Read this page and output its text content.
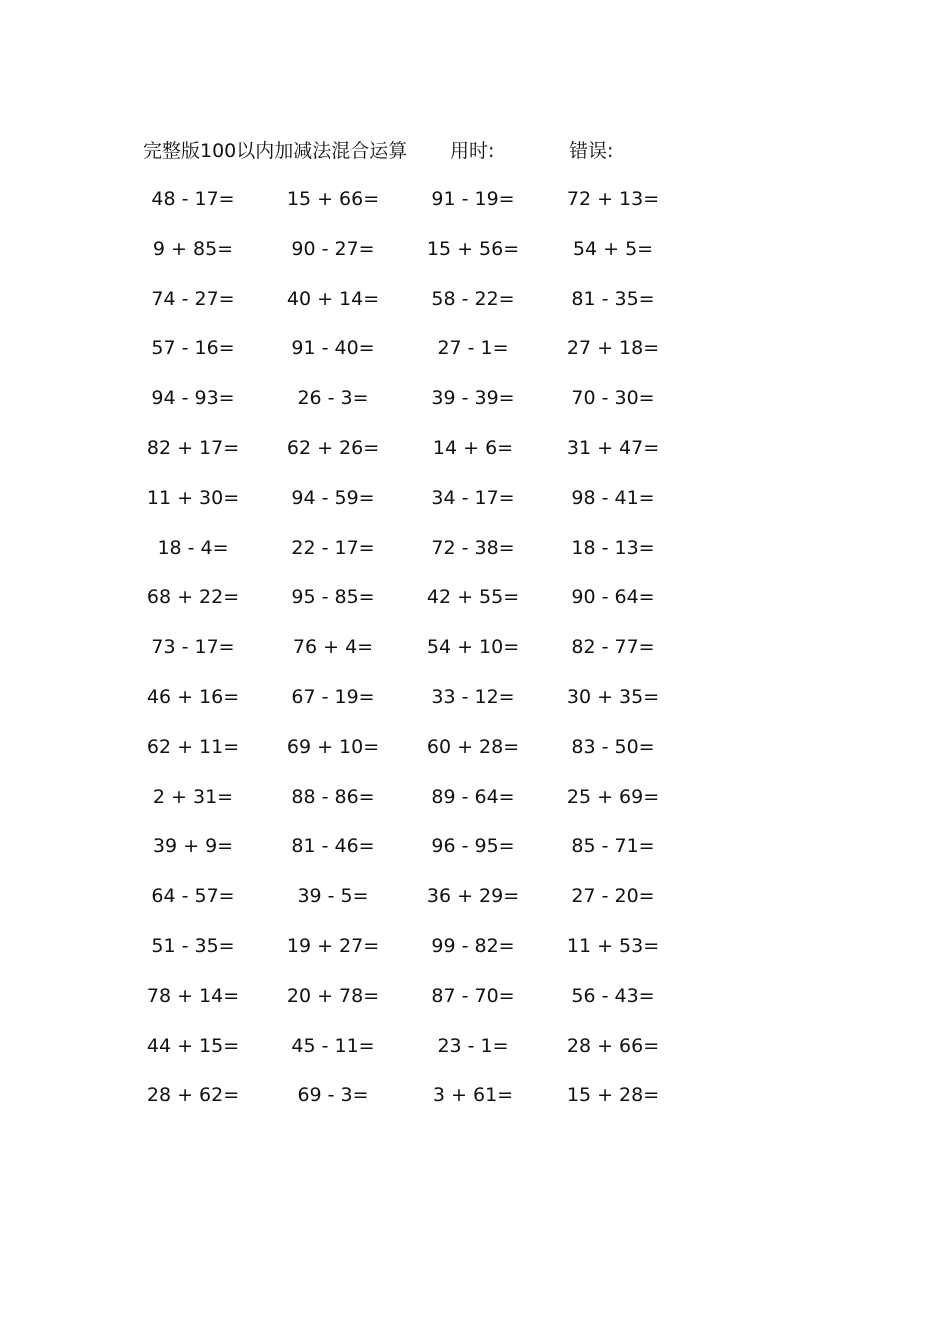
完整版100以内加减法混合运算 用时:	错误:
48 - 17=	15 + 66=	91 - 19=	72 + 13=
9 + 85=	90 - 27=	15 + 56=	54 + 5=
74 - 27=	40 + 14=	58 - 22=	81 - 35=
57 - 16=	91 - 40=	27 - 1=	27 + 18=
94 - 93=	26 - 3=	39 - 39=	70 - 30=
82 + 17=	62 + 26=	14 + 6=	31 + 47=
11 + 30=	94 - 59=	34 - 17=	98 - 41=
18 - 4=	22 - 17=	72 - 38=	18 - 13=
68 + 22=	95 - 85=	42 + 55=	90 - 64=
73 - 17=	76 + 4=	54 + 10=	82 - 77=
46 + 16=	67 - 19=	33 - 12=	30 + 35=
62 + 11=	69 + 10=	60 + 28=	83 - 50=
2 + 31=	88 - 86=	89 - 64=	25 + 69=
39 + 9=	81 - 46=	96 - 95=	85 - 71=
64 - 57=	39 - 5=	36 + 29=	27 - 20=
51 - 35=	19 + 27=	99 - 82=	11 + 53=
78 + 14=	20 + 78=	87 - 70=	56 - 43=
44 + 15=	45 - 11=	23 - 1=	28 + 66=
28 + 62=	69 - 3=	3 + 61=	15 + 28=
